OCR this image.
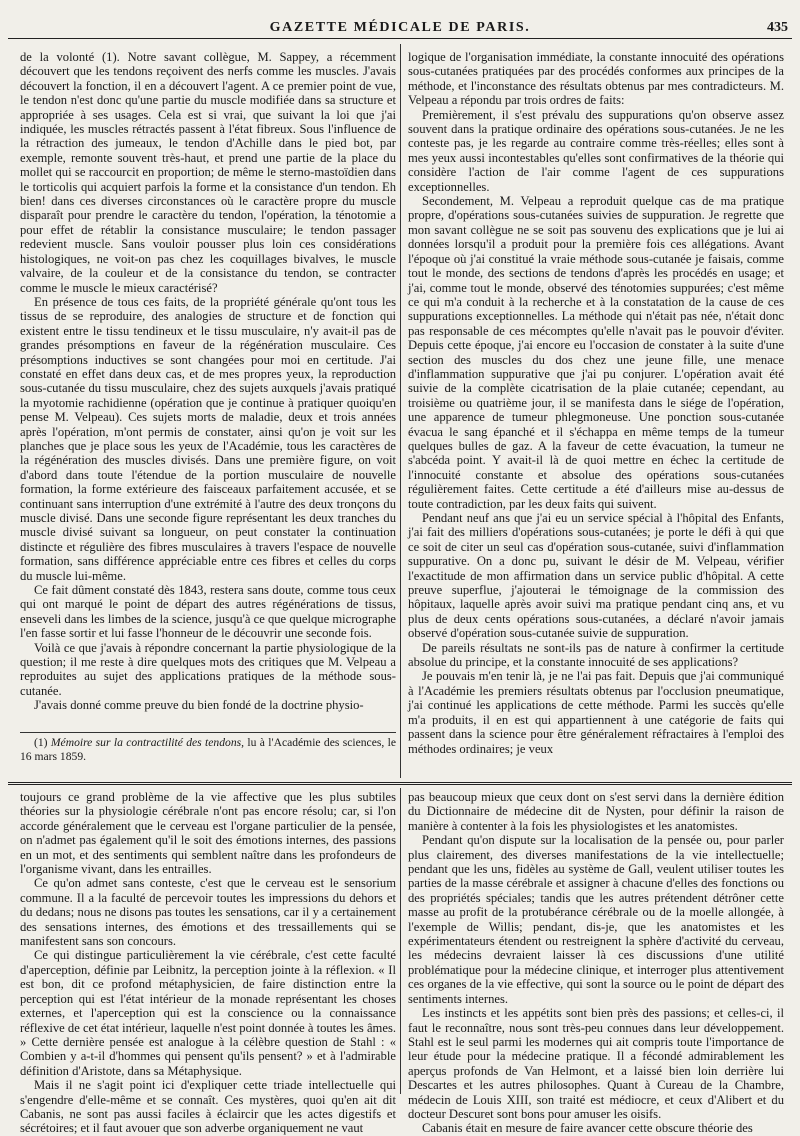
GAZETTE MÉDICALE DE PARIS.	435

de la volonté (1). Notre savant collègue, M. Sappey, a récemment découvert que les tendons reçoivent des nerfs comme les muscles. J'avais découvert la fonction, il en a découvert l'agent. A ce premier point de vue, le tendon n'est donc qu'une partie du muscle modifiée dans sa structure et appropriée à ses usages. Cela est si vrai, que suivant la loi que j'ai indiquée, les muscles rétractés passent à l'état fibreux. Sous l'influence de la rétraction des jumeaux, le tendon d'Achille dans le pied bot, par exemple, remonte souvent très-haut, et prend une partie de la place du mollet qui se raccourcit en proportion; de même le sterno-mastoïdien dans le torticolis qui acquiert parfois la forme et la consistance d'un tendon. Eh bien! dans ces diverses circonstances où le caractère propre du muscle disparaît pour prendre le caractère du tendon, l'opération, la ténotomie a pour effet de rétablir la consistance musculaire; le tendon passager redevient muscle. Sans vouloir pousser plus loin ces considérations histologiques, ne voit-on pas chez les coquillages bivalves, le muscle valvaire, de la couleur et de la consistance du tendon, se contracter comme le muscle le mieux caractérisé?

En présence de tous ces faits, de la propriété générale qu'ont tous les tissus de se reproduire, des analogies de structure et de fonction qui existent entre le tissu tendineux et le tissu musculaire, n'y avait-il pas de grandes présomptions en faveur de la régénération musculaire. Ces présomptions inductives se sont changées pour moi en certitude. J'ai constaté en effet dans deux cas, et de mes propres yeux, la reproduction sous-cutanée du tissu musculaire, chez des sujets auxquels j'avais pratiqué la myotomie rachidienne (opération que je continue à pratiquer quoiqu'en pense M. Velpeau). Ces sujets morts de maladie, deux et trois années après l'opération, m'ont permis de constater, ainsi qu'on je voit sur les planches que je place sous les yeux de l'Académie, tous les caractères de la régénération des muscles divisés. Dans une première figure, on voit d'abord dans toute l'étendue de la portion musculaire de nouvelle formation, la forme extérieure des faisceaux parfaitement accusée, et se continuant sans interruption d'une extrémité à l'autre des deux tronçons du muscle divisé. Dans une seconde figure représentant les deux tranches du muscle divisé suivant sa longueur, on peut constater la continuation distincte et régulière des fibres musculaires à travers l'espace de nouvelle formation, sans différence appréciable entre ces fibres et celles du corps du muscle lui-même.

Ce fait dûment constaté dès 1843, restera sans doute, comme tous ceux qui ont marqué le point de départ des autres régénérations de tissus, enseveli dans les limbes de la science, jusqu'à ce que quelque micrographe l'en fasse sortir et lui fasse l'honneur de le découvrir une seconde fois.

Voilà ce que j'avais à répondre concernant la partie physiologique de la question; il me reste à dire quelques mots des critiques que M. Velpeau a reproduites au sujet des applications pratiques de la méthode sous-cutanée.

J'avais donné comme preuve du bien fondé de la doctrine physio-

(1) Mémoire sur la contractilité des tendons, lu à l'Académie des sciences, le 16 mars 1859.

logique de l'organisation immédiate, la constante innocuité des opérations sous-cutanées pratiquées par des procédés conformes aux principes de la méthode, et l'inconstance des résultats obtenus par mes contradicteurs. M. Velpeau a répondu par trois ordres de faits:

Premièrement, il s'est prévalu des suppurations qu'on observe assez souvent dans la pratique ordinaire des opérations sous-cutanées. Je ne les conteste pas, je les regarde au contraire comme très-réelles; elles sont à mes yeux aussi incontestables qu'elles sont confirmatives de la théorie qui considère l'action de l'air comme l'agent de ces suppurations exceptionnelles.

Secondement, M. Velpeau a reproduit quelque cas de ma pratique propre, d'opérations sous-cutanées suivies de suppuration. Je regrette que mon savant collègue ne se soit pas souvenu des explications que je lui ai données lorsqu'il a produit pour la première fois ces allégations. Avant l'époque où j'ai constitué la vraie méthode sous-cutanée je faisais, comme tout le monde, des sections de tendons d'après les procédés en usage; et j'ai, comme tout le monde, observé des ténotomies suppurées; c'est même ce qui m'a conduit à la recherche et à la constatation de la cause de ces suppurations exceptionnelles. La méthode qui n'était pas née, n'était donc pas responsable de ces mécomptes qu'elle n'avait pas le pouvoir d'éviter. Depuis cette époque, j'ai encore eu l'occasion de constater à la suite d'une section des muscles du dos chez une jeune fille, une menace d'inflammation suppurative que j'ai pu conjurer. L'opération avait été suivie de la complète cicatrisation de la plaie cutanée; cependant, au troisième ou quatrième jour, il se manifesta dans le siége de l'opération, une apparence de tumeur phlegmoneuse. Une ponction sous-cutanée évacua le sang épanché et il s'échappa en même temps de la tumeur quelques bulles de gaz. A la faveur de cette évacuation, la tumeur ne s'abcéda point. Y avait-il là de quoi mettre en échec la certitude de l'innocuité constante et absolue des opérations sous-cutanées régulièrement faites. Cette certitude a été d'ailleurs mise au-dessus de toute contradiction, par les deux faits qui suivent.

Pendant neuf ans que j'ai eu un service spécial à l'hôpital des Enfants, j'ai fait des milliers d'opérations sous-cutanées; je porte le défi à qui que ce soit de citer un seul cas d'opération sous-cutanée, suivi d'inflammation suppurative. On a donc pu, suivant le désir de M. Velpeau, vérifier l'exactitude de mon affirmation dans un service public d'hôpital. A cette preuve superflue, j'ajouterai le témoignage de la commission des hôpitaux, laquelle après avoir suivi ma pratique pendant cinq ans, et vu plus de deux cents opérations sous-cutanées, a déclaré n'avoir jamais observé d'opération sous-cutanée suivie de suppuration.

De pareils résultats ne sont-ils pas de nature à confirmer la certitude absolue du principe, et la constante innocuité de ses applications?

Je pouvais m'en tenir là, je ne l'ai pas fait. Depuis que j'ai communiqué à l'Académie les premiers résultats obtenus par l'occlusion pneumatique, j'ai continué les applications de cette méthode. Parmi les succès qu'elle m'a produits, il en est qui appartiennent à une catégorie de faits qui passent dans la science pour être généralement réfractaires à l'emploi des méthodes ordinaires; je veux

toujours ce grand problème de la vie affective que les plus subtiles théories sur la physiologie cérébrale n'ont pas encore résolu; car, si l'on accorde généralement que le cerveau est l'organe particulier de la pensée, on n'admet pas également qu'il le soit des émotions internes, des passions en un mot, et des sentiments qui semblent naître dans les profondeurs de l'organisme vivant, dans les entrailles.

Ce qu'on admet sans conteste, c'est que le cerveau est le sensorium commune. Il a la faculté de percevoir toutes les impressions du dehors et du dedans; nous ne disons pas toutes les sensations, car il y a certainement des sensations internes, des émotions et des tressaillements qui se manifestent sans son concours.

Ce qui distingue particulièrement la vie cérébrale, c'est cette faculté d'aperception, définie par Leibnitz, la perception jointe à la réflexion. « Il est bon, dit ce profond métaphysicien, de faire distinction entre la perception qui est l'état intérieur de la monade représentant les choses externes, et l'aperception qui est la conscience ou la connaissance réflexive de cet état intérieur, laquelle n'est point donnée à toutes les âmes. » Cette dernière pensée est analogue à la célèbre question de Stahl : « Combien y a-t-il d'hommes qui pensent qu'ils pensent? » et à l'admirable définition d'Aristote, dans sa Métaphysique.

Mais il ne s'agit point ici d'expliquer cette triade intellectuelle qui s'engendre d'elle-même et se connaît. Ces mystères, quoi qu'en ait dit Cabanis, ne sont pas aussi faciles à éclaircir que les actes digestifs et sécrétoires; et il faut avouer que son adverbe organiquement ne vaut

pas beaucoup mieux que ceux dont on s'est servi dans la dernière édition du Dictionnaire de médecine dit de Nysten, pour définir la raison de manière à contenter à la fois les physiologistes et les anatomistes.

Pendant qu'on dispute sur la localisation de la pensée ou, pour parler plus clairement, des diverses manifestations de la vie intellectuelle; pendant que les uns, fidèles au système de Gall, veulent utiliser toutes les parties de la masse cérébrale et assigner à chacune d'elles des fonctions ou des propriétés spéciales; tandis que les autres prétendent détrôner cette masse au profit de la protubérance cérébrale ou de la moelle allongée, à l'exemple de Willis; pendant, dis-je, que les anatomistes et les expérimentateurs étendent ou restreignent la sphère d'activité du cerveau, les médecins devraient laisser là ces discussions d'une utilité problématique pour la médecine clinique, et interroger plus attentivement ces organes de la vie effective, qui sont la source ou le point de départ des sentiments internes.

Les instincts et les appétits sont bien près des passions; et celles-ci, il faut le reconnaître, nous sont très-peu connues dans leur développement. Stahl est le seul parmi les modernes qui ait compris toute l'importance de leur étude pour la médecine pratique. Il a fécondé admirablement les aperçus profonds de Van Helmont, et a laissé bien loin derrière lui Descartes et les autres philosophes. Quant à Cureau de la Chambre, médecin de Louis XIII, son traité est médiocre, et ceux d'Alibert et du docteur Descuret sont bons pour amuser les oisifs.

Cabanis était en mesure de faire avancer cette obscure théorie des
